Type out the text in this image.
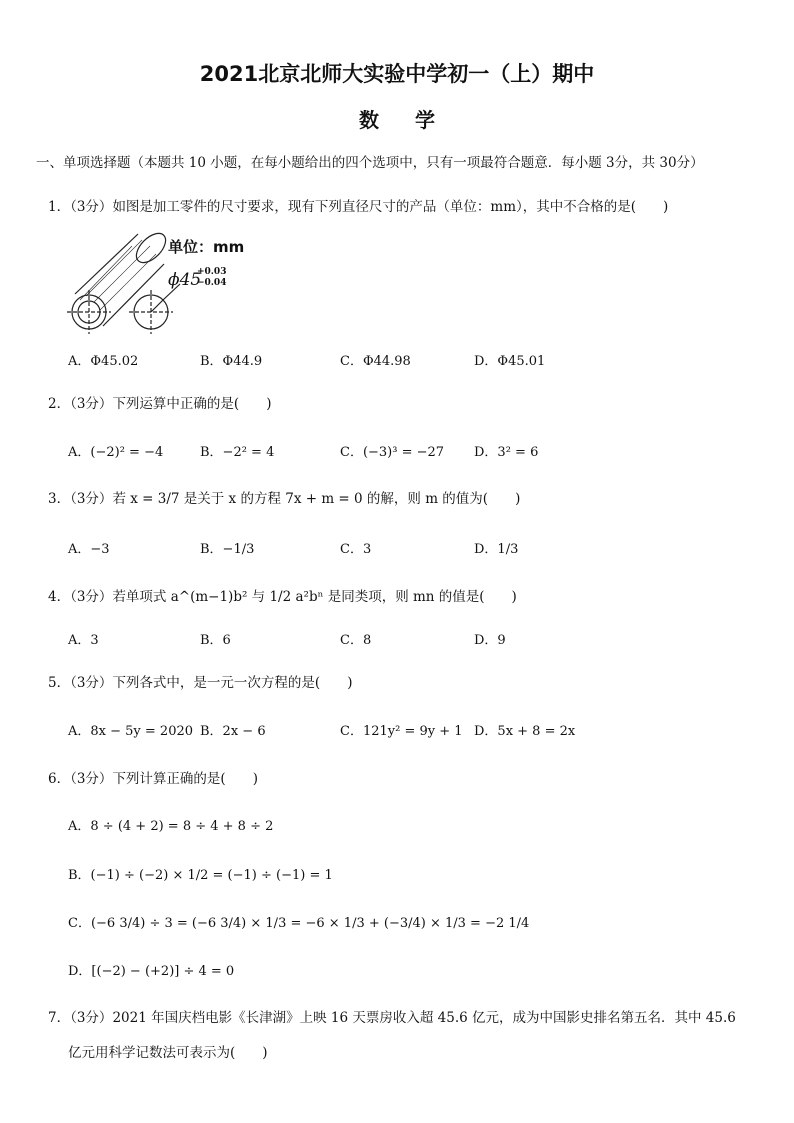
2021北京北师大实验中学初一（上）期中
数学
一、单项选择题（本题共 10 小题，在每小题给出的四个选项中，只有一项最符合题意．每小题 3分，共 30分）
1．（3分）如图是加工零件的尺寸要求，现有下列直径尺寸的产品（单位：mm），其中不合格的是(　　)
单位：mm
ϕ45
+0.03
−0.04
A．Φ45.02	B．Φ44.9	C．Φ44.98	D．Φ45.01
2．（3分）下列运算中正确的是(　　)
A．(−2)² = −4	B．−2² = 4	C．(−3)³ = −27 D．3² = 6
3．（3分）若 x = 3/7 是关于 x 的方程 7x + m = 0 的解，则 m 的值为(　　)
A．−3	B．−1/3	C．3	D．1/3
4．（3分）若单项式 a^(m−1)b² 与 1/2 a²bⁿ 是同类项，则 mn 的值是(　　)
A．3	B．6	C．8	D．9
5．（3分）下列各式中，是一元一次方程的是(　　)
A．8x − 5y = 2020 B．2x − 6	C．121y² = 9y + 1 D．5x + 8 = 2x
6．（3分）下列计算正确的是(　　)
A．8 ÷ (4 + 2) = 8 ÷ 4 + 8 ÷ 2
B．(−1) ÷ (−2) × 1/2 = (−1) ÷ (−1) = 1
C．(−6 3/4) ÷ 3 = (−6 3/4) × 1/3 = −6 × 1/3 + (−3/4) × 1/3 = −2 1/4
D．[(−2) − (+2)] ÷ 4 = 0
7．（3分）2021 年国庆档电影《长津湖》上映 16 天票房收入超 45.6 亿元，成为中国影史排名第五名．其中 45.6
亿元用科学记数法可表示为(　　)
